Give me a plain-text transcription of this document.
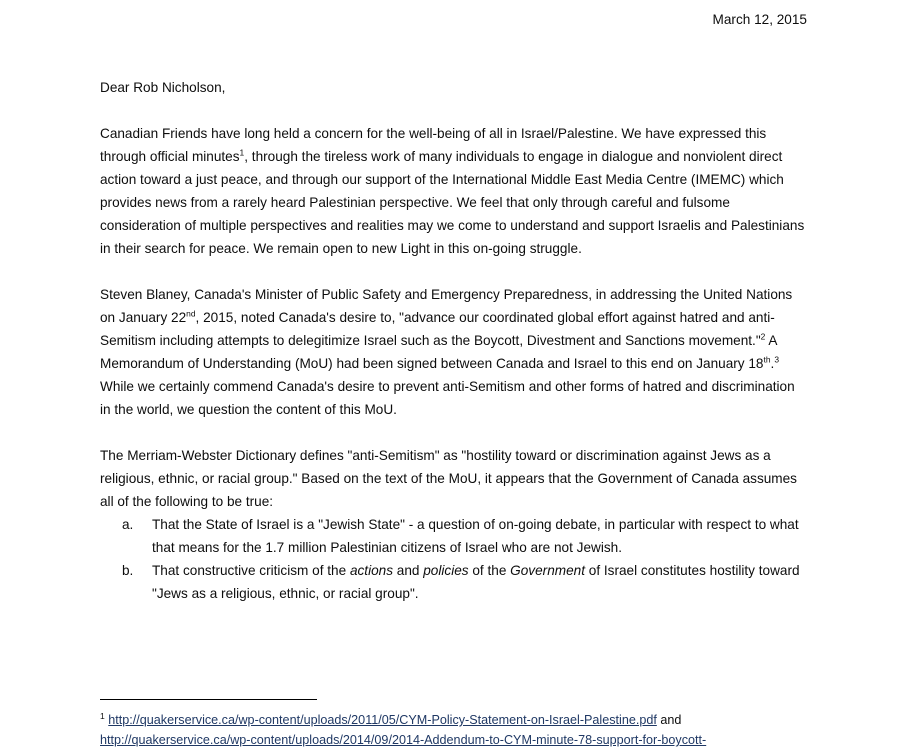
March 12, 2015
Dear Rob Nicholson,

Canadian Friends have long held a concern for the well-being of all in Israel/Palestine. We have expressed this through official minutes$^1$, through the tireless work of many individuals to engage in dialogue and nonviolent direct action toward a just peace, and through our support of the International Middle East Media Centre (IMEMC) which provides news from a rarely heard Palestinian perspective. We feel that only through careful and fulsome consideration of multiple perspectives and realities may we come to understand and support Israelis and Palestinians in their search for peace. We remain open to new Light in this on-going struggle.

Steven Blaney, Canada's Minister of Public Safety and Emergency Preparedness, in addressing the United Nations on January 22nd, 2015, noted Canada's desire to, "advance our coordinated global effort against hatred and anti-Semitism including attempts to delegitimize Israel such as the Boycott, Divestment and Sanctions movement."$^2$ A Memorandum of Understanding (MoU) had been signed between Canada and Israel to this end on January 18th.$^3$ While we certainly commend Canada's desire to prevent anti-Semitism and other forms of hatred and discrimination in the world, we question the content of this MoU.

The Merriam-Webster Dictionary defines "anti-Semitism" as "hostility toward or discrimination against Jews as a religious, ethnic, or racial group." Based on the text of the MoU, it appears that the Government of Canada assumes all of the following to be true:

a.	That the State of Israel is a "Jewish State" - a question of on-going debate, in particular with respect to what that means for the 1.7 million Palestinian citizens of Israel who are not Jewish.
b.	That constructive criticism of the actions and policies of the Government of Israel constitutes hostility toward "Jews as a religious, ethnic, or racial group".
$^1$ http://quakerservice.ca/wp-content/uploads/2011/05/CYM-Policy-Statement-on-Israel-Palestine.pdf and http://quakerservice.ca/wp-content/uploads/2014/09/2014-Addendum-to-CYM-minute-78-support-for-boycott-
